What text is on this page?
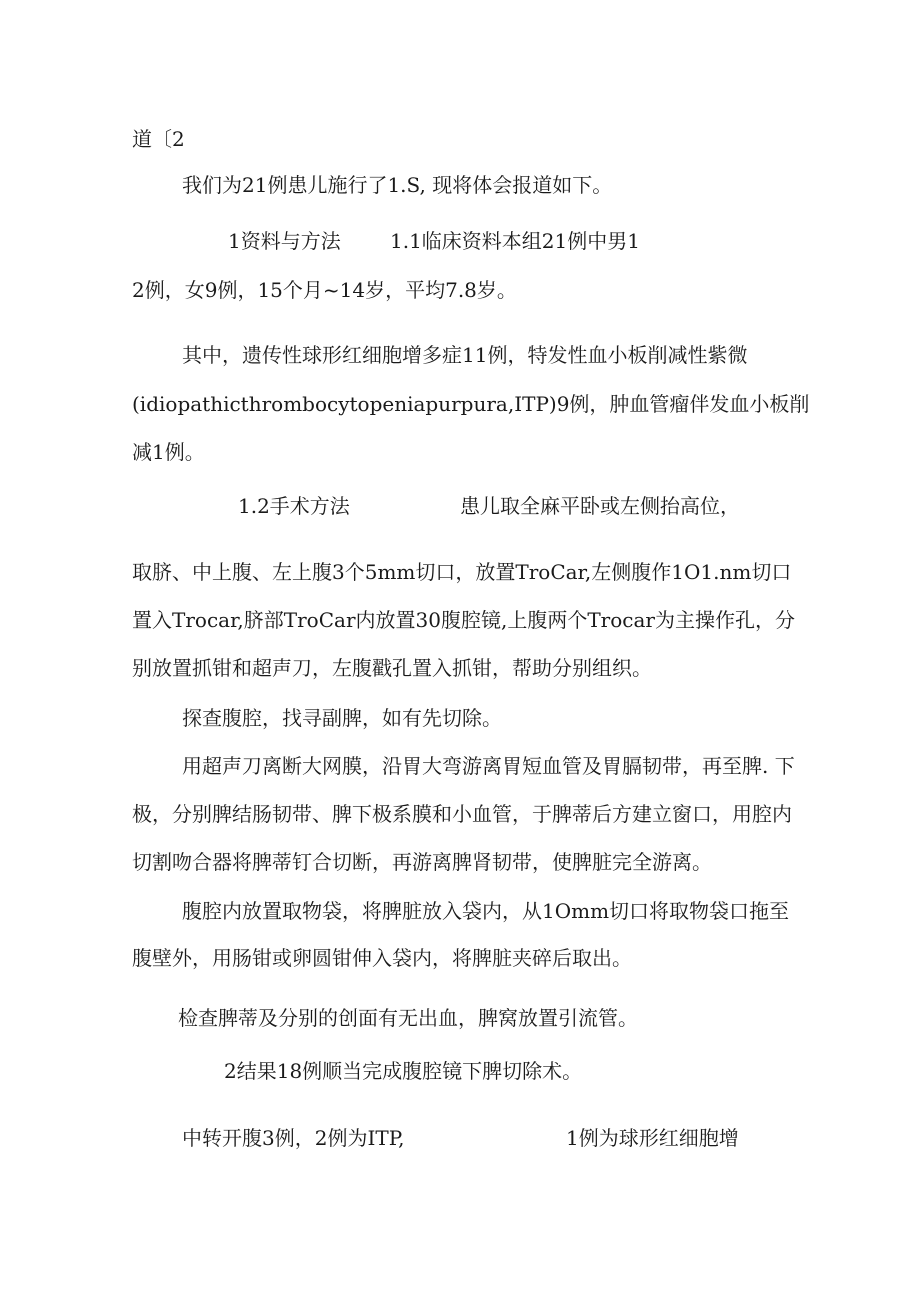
道〔2
我们为21例患儿施行了1.S, 现将体会报道如下。
1资料与方法 1.1临床资料本组21例中男1
2例，女9例，15个月~14岁，平均7.8岁。
其中，遗传性球形红细胞增多症11例，特发性血小板削减性紫微
(idiopathicthrombocytopeniapurpura,ITP)9例，肿血管瘤伴发血小板削
减1例。
1.2手术方法	患儿取全麻平卧或左侧抬高位，
取脐、中上腹、左上腹3个5mm切口，放置TroCar,左侧腹作1O1.nm切口
置入Trocar,脐部TroCar内放置30腹腔镜,上腹两个Trocar为主操作孔，分
别放置抓钳和超声刀，左腹戳孔置入抓钳，帮助分别组织。
探查腹腔，找寻副脾，如有先切除。
用超声刀离断大网膜，沿胃大弯游离胃短血管及胃膈韧带，再至脾. 下
极，分别脾结肠韧带、脾下极系膜和小血管，于脾蒂后方建立窗口，用腔内
切割吻合器将脾蒂钉合切断，再游离脾肾韧带，使脾脏完全游离。
腹腔内放置取物袋，将脾脏放入袋内，从1Omm切口将取物袋口拖至
腹壁外，用肠钳或卵圆钳伸入袋内，将脾脏夹碎后取出。
检查脾蒂及分别的创面有无出血，脾窝放置引流管。
2结果18例顺当完成腹腔镜下脾切除术。
中转开腹3例，2例为ITP,	1例为球形红细胞增
